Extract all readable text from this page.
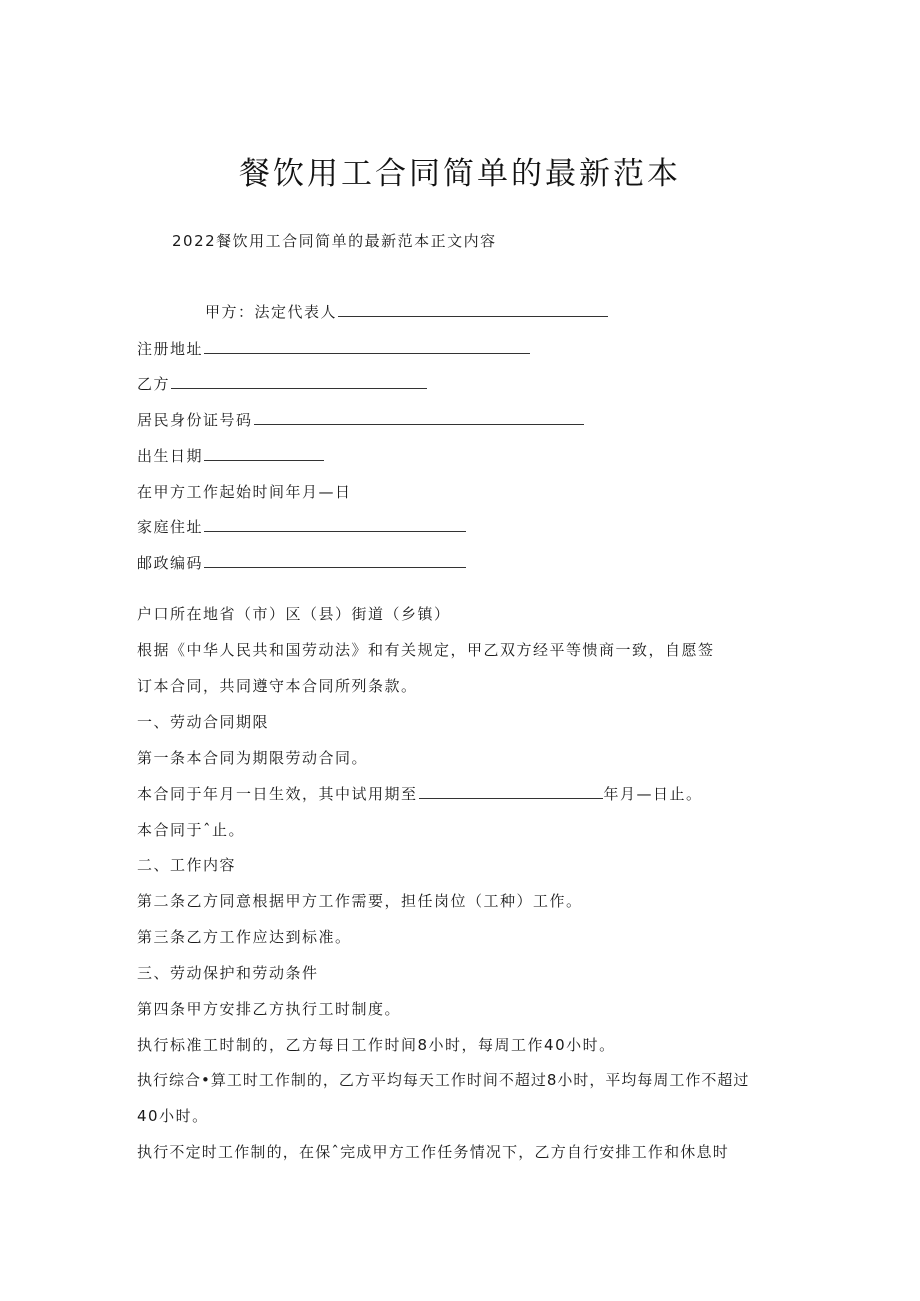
餐饮用工合同简单的最新范本
2022餐饮用工合同简单的最新范本正文内容
甲方：法定代表人
注册地址
乙方
居民身份证号码
出生日期
在甲方工作起始时间年月—日
家庭住址
邮政编码
户口所在地省（市）区（县）街道（乡镇）
根据《中华人民共和国劳动法》和有关规定，甲乙双方经平等愦商一致，自愿签
订本合同，共同遵守本合同所列条款。
一、劳动合同期限
第一条本合同为期限劳动合同。
本合同于年月一日生效，其中试用期至	年月—日止。
本合同于ˆ止。
二、工作内容
第二条乙方同意根据甲方工作需要，担任岗位（工种）工作。
第三条乙方工作应达到标准。
三、劳动保护和劳动条件
第四条甲方安排乙方执行工时制度。
执行标准工时制的，乙方每日工作时间8小时，每周工作40小时。
执行综合•算工时工作制的，乙方平均每天工作时间不超过8小时，平均每周工作不超过
40小时。
执行不定时工作制的，在保ˆ完成甲方工作任务情况下，乙方自行安排工作和休息时
